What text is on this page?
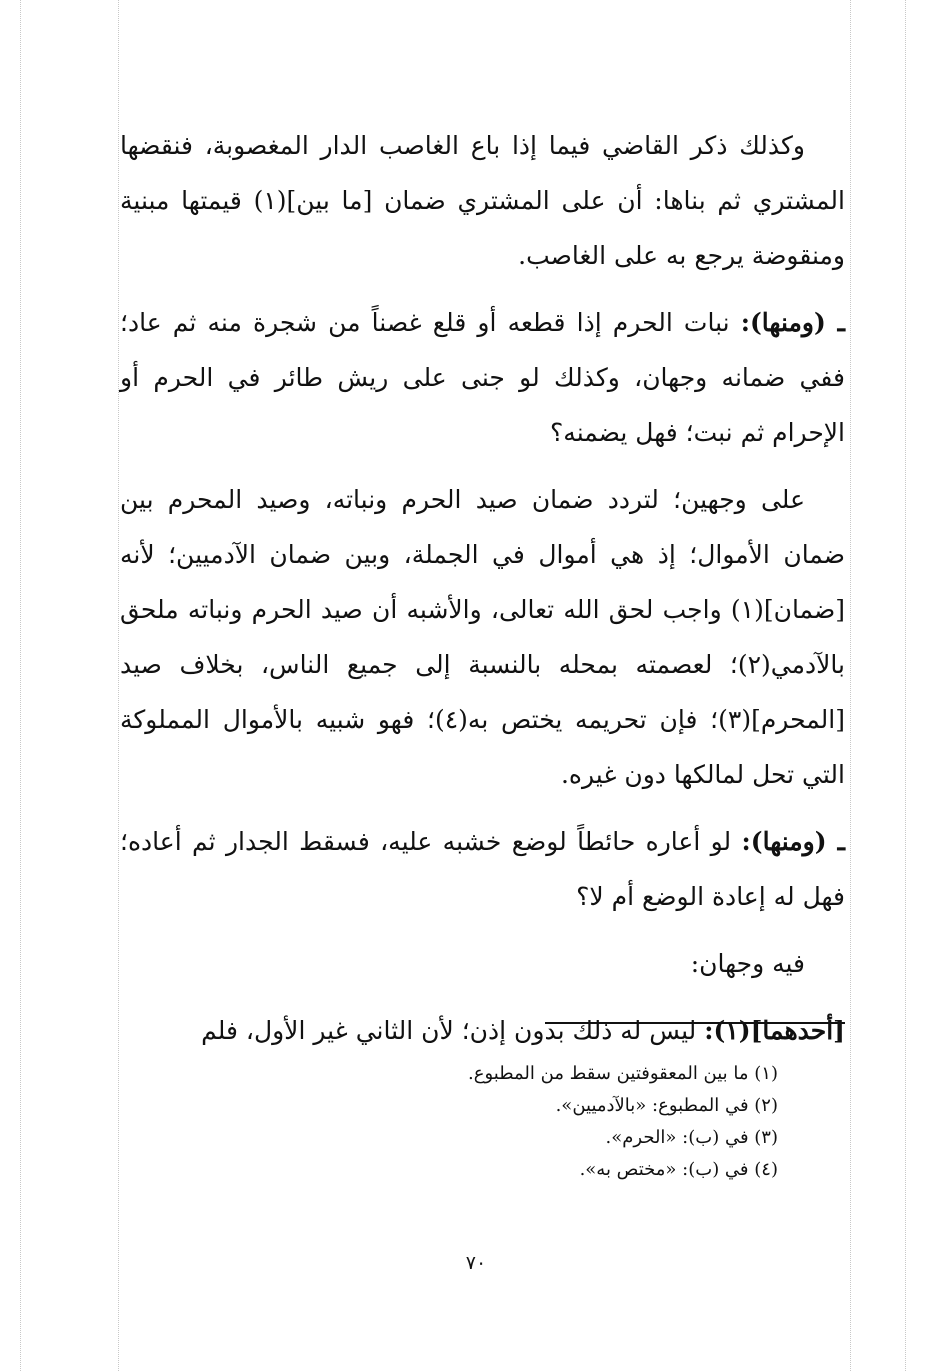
وكذلك ذكر القاضي فيما إذا باع الغاصب الدار المغصوبة، فنقضها المشتري ثم بناها: أن على المشتري ضمان [ما بين](١) قيمتها مبنية ومنقوضة يرجع به على الغاصب.

ـ (ومنها): نبات الحرم إذا قطعه أو قلع غصناً من شجرة منه ثم عاد؛ ففي ضمانه وجهان، وكذلك لو جنى على ريش طائر في الحرم أو الإحرام ثم نبت؛ فهل يضمنه؟

على وجهين؛ لتردد ضمان صيد الحرم ونباته، وصيد المحرم بين ضمان الأموال؛ إذ هي أموال في الجملة، وبين ضمان الآدميين؛ لأنه [ضمان](١) واجب لحق الله تعالى، والأشبه أن صيد الحرم ونباته ملحق بالآدمي(٢)؛ لعصمته بمحله بالنسبة إلى جميع الناس، بخلاف صيد [المحرم](٣)؛ فإن تحريمه يختص به(٤)؛ فهو شبيه بالأموال المملوكة التي تحل لمالكها دون غيره.

ـ (ومنها): لو أعاره حائطاً لوضع خشبه عليه، فسقط الجدار ثم أعاده؛ فهل له إعادة الوضع أم لا؟

فيه وجهان:

[أحدهما](١): ليس له ذلك بدون إذن؛ لأن الثاني غير الأول، فلم

(١) ما بين المعقوفتين سقط من المطبوع.
(٢) في المطبوع: «بالآدميين».
(٣) في (ب): «الحرم».
(٤) في (ب): «مختص به».
٧٠
